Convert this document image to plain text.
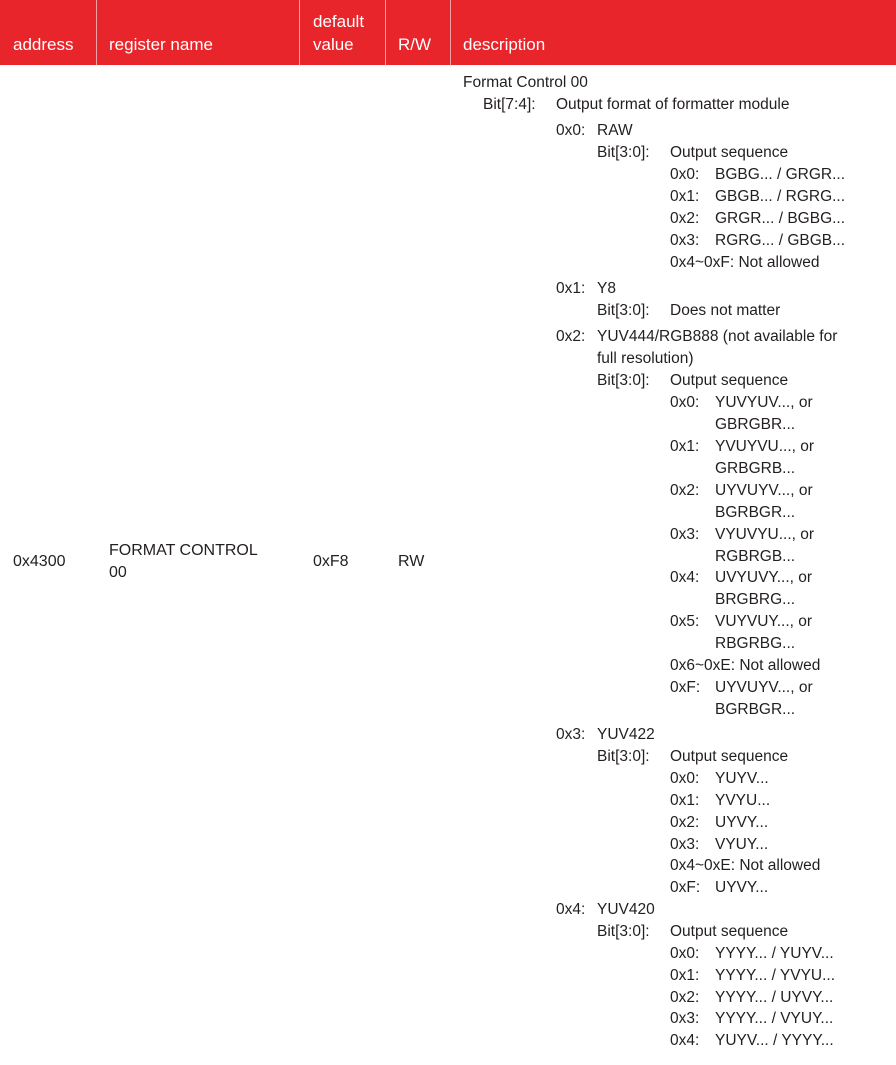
address register name
default
value	R/W description
0x4300
FORMAT CONTROL
00
0xF8	RW
Format Control 00
Bit[7:4]: Output format of formatter module
0x0: RAW
Bit[3:0]: Output sequence
0x0: BGBG... / GRGR...
0x1: GBGB... / RGRG...
0x2: GRGR... / BGBG...
0x3: RGRG... / GBGB...
0x4~0xF: Not allowed
0x1: Y8
Bit[3:0]: Does not matter
0x2: YUV444/RGB888 (not available for
full resolution)
Bit[3:0]: Output sequence
0x0: YUVYUV..., or
GBRGBR...
0x1: YVUYVU..., or
GRBGRB...
0x2: UYVUYV..., or
BGRBGR...
0x3: VYUVYU..., or
RGBRGB...
0x4: UVYUVY..., or
BRGBRG...
0x5: VUYVUY..., or
RBGRBG...
0x6~0xE: Not allowed
0xF: UYVUYV..., or
BGRBGR...
0x3: YUV422
Bit[3:0]: Output sequence
0x0: YUYV...
0x1: YVYU...
0x2: UYVY...
0x3: VYUY...
0x4~0xE: Not allowed
0xF: UYVY...
0x4: YUV420
Bit[3:0]: Output sequence
0x0: YYYY... / YUYV...
0x1: YYYY... / YVYU...
0x2: YYYY... / UYVY...
0x3: YYYY... / VYUY...
0x4: YUYV... / YYYY...
